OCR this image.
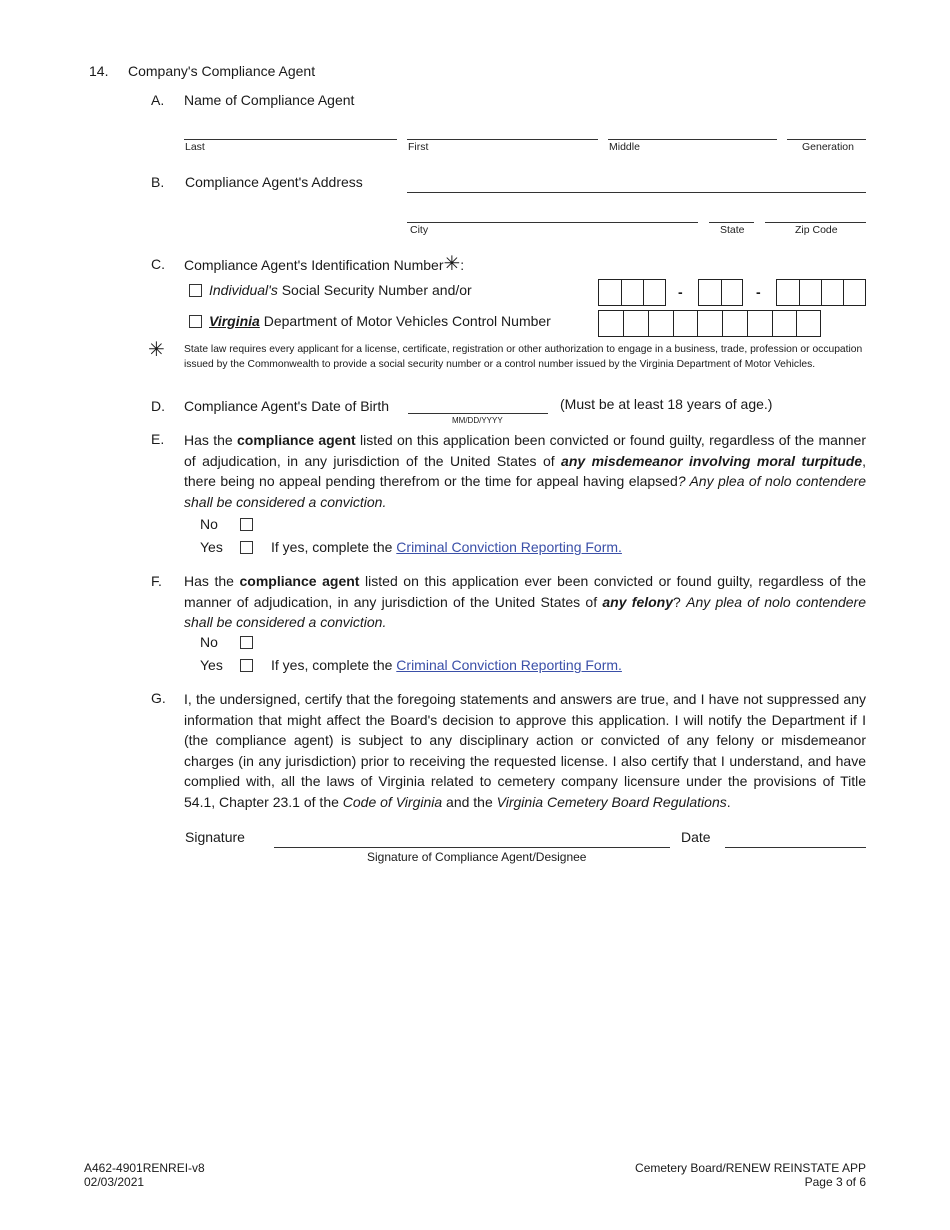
14. Company's Compliance Agent
A. Name of Compliance Agent
Last	First	Middle	Generation
B. Compliance Agent's Address
City	State	Zip Code
C. Compliance Agent's Identification Number✳:
Individual's Social Security Number and/or	-	-
Virginia Department of Motor Vehicles Control Number
✳ State law requires every applicant for a license, certificate, registration or other authorization to engage in a business, trade, profession or occupation issued by the Commonwealth to provide a social security number or a control number issued by the Virginia Department of Motor Vehicles.
D. Compliance Agent's Date of Birth
MM/DD/YYYY
(Must be at least 18 years of age.)
E. Has the compliance agent listed on this application been convicted or found guilty, regardless of the manner of adjudication, in any jurisdiction of the United States of any misdemeanor involving moral turpitude, there being no appeal pending therefrom or the time for appeal having elapsed? Any plea of nolo contendere shall be considered a conviction.
No
Yes	If yes, complete the Criminal Conviction Reporting Form.
F. Has the compliance agent listed on this application ever been convicted or found guilty, regardless of the manner of adjudication, in any jurisdiction of the United States of any felony? Any plea of nolo contendere shall be considered a conviction.
No
Yes	If yes, complete the Criminal Conviction Reporting Form.
G. I, the undersigned, certify that the foregoing statements and answers are true, and I have not suppressed any information that might affect the Board's decision to approve this application. I will notify the Department if I (the compliance agent) is subject to any disciplinary action or convicted of any felony or misdemeanor charges (in any jurisdiction) prior to receiving the requested license. I also certify that I understand, and have complied with, all the laws of Virginia related to cemetery company licensure under the provisions of Title 54.1, Chapter 23.1 of the Code of Virginia and the Virginia Cemetery Board Regulations.
Signature
Signature of Compliance Agent/Designee
Date
A462-4901RENREI-v8
02/03/2021
Cemetery Board/RENEW REINSTATE APP
Page 3 of 6
